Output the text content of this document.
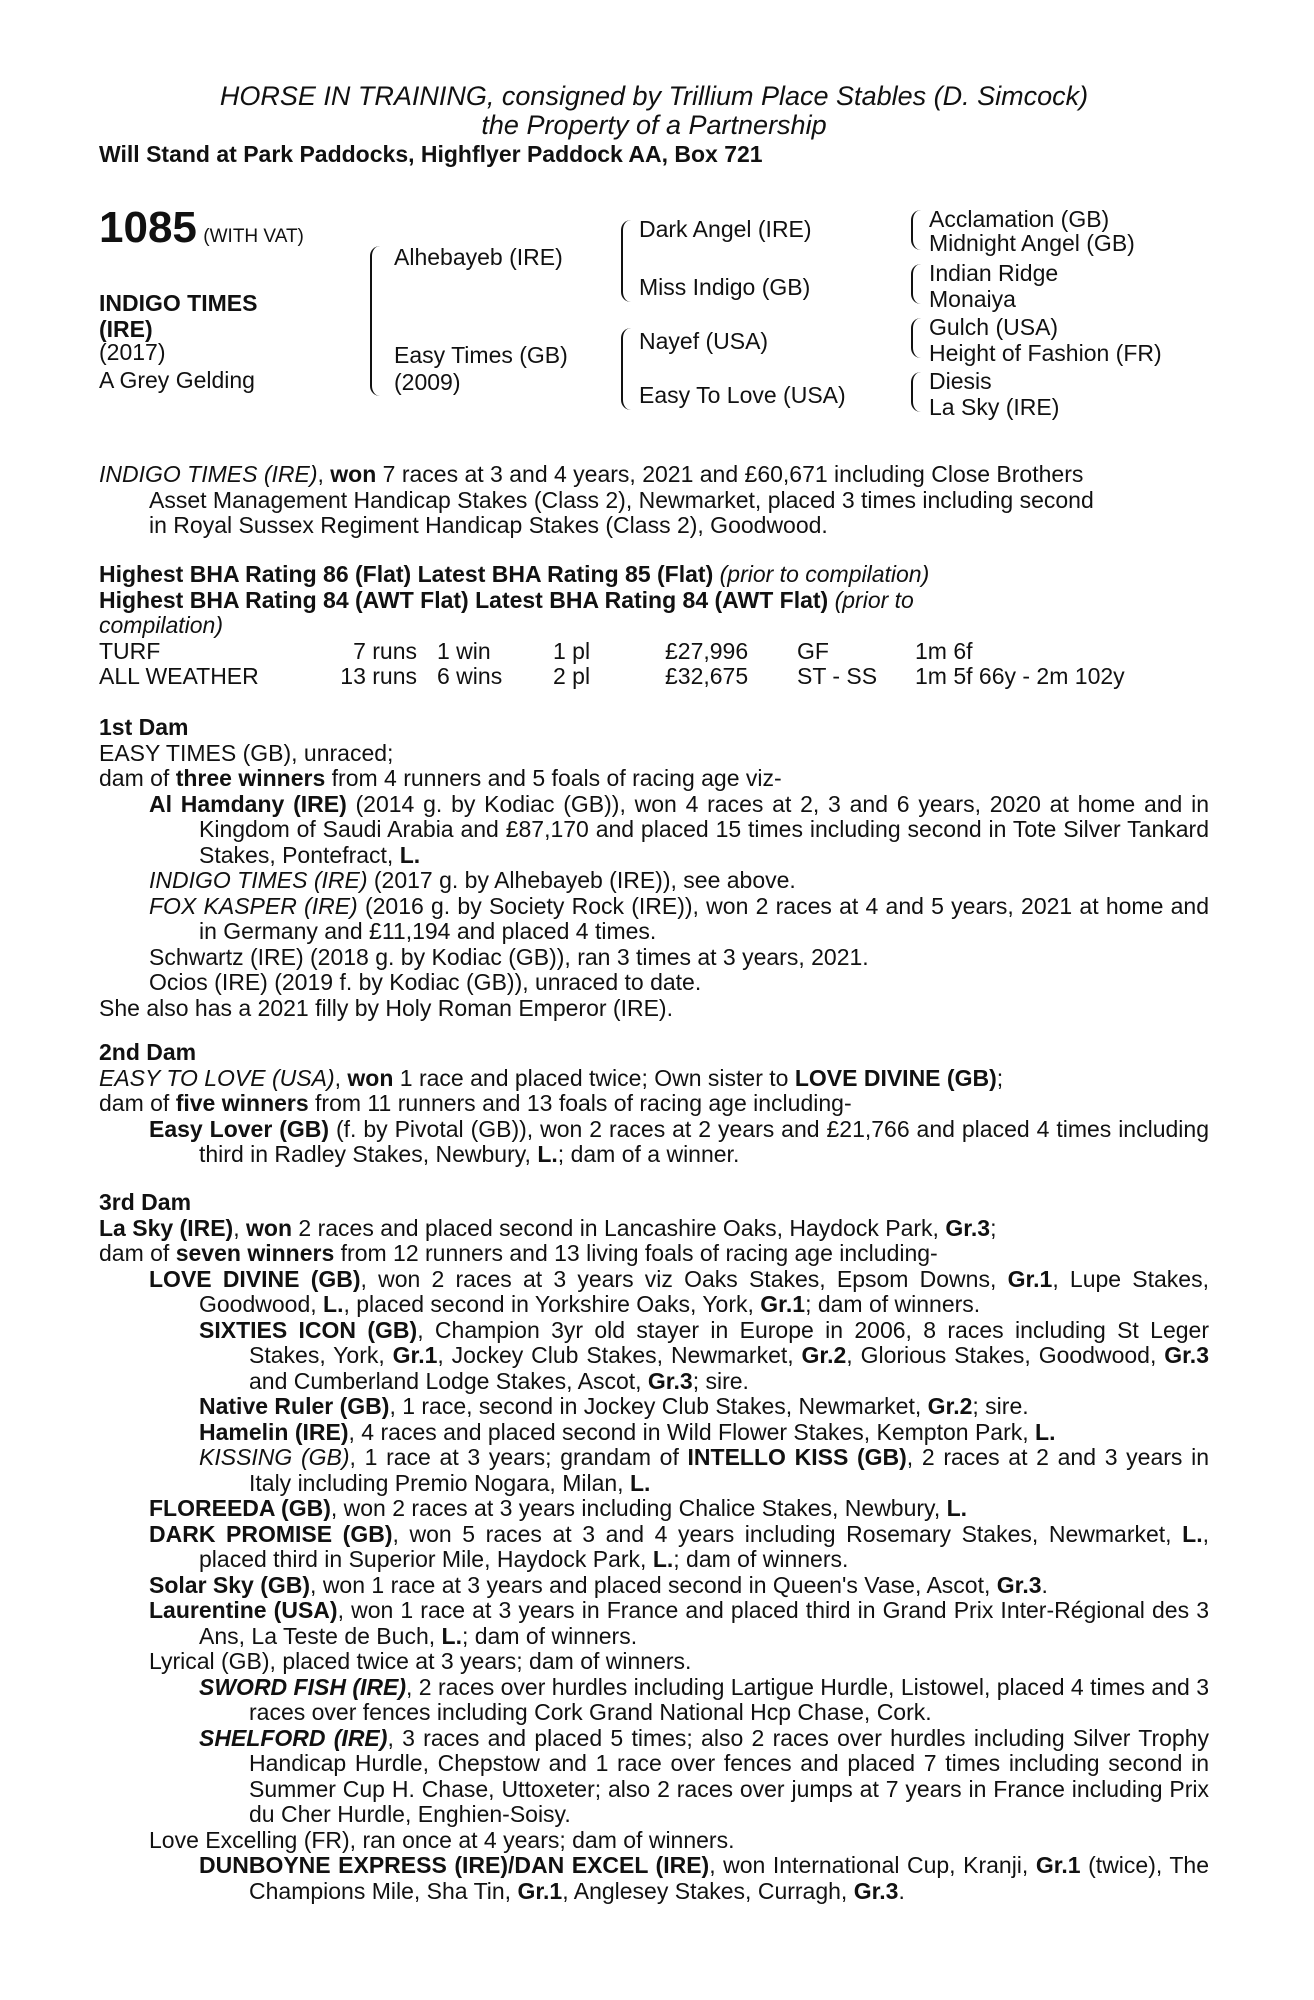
HORSE IN TRAINING, consigned by Trillium Place Stables (D. Simcock)
the Property of a Partnership
Will Stand at Park Paddocks, Highflyer Paddock AA, Box 721
1085 (WITH VAT)
INDIGO TIMES
(IRE)
(2017)
A Grey Gelding
Alhebayeb (IRE)
Easy Times (GB)
(2009)
Dark Angel (IRE)
Miss Indigo (GB)
Nayef (USA)
Easy To Love (USA)
Acclamation (GB)
Midnight Angel (GB)
Indian Ridge
Monaiya
Gulch (USA)
Height of Fashion (FR)
Diesis
La Sky (IRE)

INDIGO TIMES (IRE), won 7 races at 3 and 4 years, 2021 and £60,671 including Close Brothers

Asset Management Handicap Stakes (Class 2), Newmarket, placed 3 times including second

in Royal Sussex Regiment Handicap Stakes (Class 2), Goodwood.

Highest BHA Rating 86 (Flat) Latest BHA Rating 85 (Flat) (prior to compilation)

Highest BHA Rating 84 (AWT Flat) Latest BHA Rating 84 (AWT Flat) (prior to

compilation)

TURF	7 runs 1 win	1 pl	£27,996	GF	1m 6f
ALL WEATHER	13 runs 6 wins	2 pl	£32,675	ST - SS	1m 5f 66y - 2m 102y

1st Dam

EASY TIMES (GB), unraced;

dam of three winners from 4 runners and 5 foals of racing age viz-

Al Hamdany (IRE) (2014 g. by Kodiac (GB)), won 4 races at 2, 3 and 6 years, 2020 at home and in Kingdom of Saudi Arabia and £87,170 and placed 15 times including second in Tote Silver Tankard Stakes, Pontefract, L.

INDIGO TIMES (IRE) (2017 g. by Alhebayeb (IRE)), see above.

FOX KASPER (IRE) (2016 g. by Society Rock (IRE)), won 2 races at 4 and 5 years, 2021 at home and in Germany and £11,194 and placed 4 times.

Schwartz (IRE) (2018 g. by Kodiac (GB)), ran 3 times at 3 years, 2021.

Ocios (IRE) (2019 f. by Kodiac (GB)), unraced to date.

She also has a 2021 filly by Holy Roman Emperor (IRE).

2nd Dam

EASY TO LOVE (USA), won 1 race and placed twice; Own sister to LOVE DIVINE (GB);

dam of five winners from 11 runners and 13 foals of racing age including-

Easy Lover (GB) (f. by Pivotal (GB)), won 2 races at 2 years and £21,766 and placed 4 times including third in Radley Stakes, Newbury, L.; dam of a winner.

3rd Dam

La Sky (IRE), won 2 races and placed second in Lancashire Oaks, Haydock Park, Gr.3;

dam of seven winners from 12 runners and 13 living foals of racing age including-

LOVE DIVINE (GB), won 2 races at 3 years viz Oaks Stakes, Epsom Downs, Gr.1, Lupe Stakes, Goodwood, L., placed second in Yorkshire Oaks, York, Gr.1; dam of winners.

SIXTIES ICON (GB), Champion 3yr old stayer in Europe in 2006, 8 races including St Leger Stakes, York, Gr.1, Jockey Club Stakes, Newmarket, Gr.2, Glorious Stakes, Goodwood, Gr.3 and Cumberland Lodge Stakes, Ascot, Gr.3; sire.

Native Ruler (GB), 1 race, second in Jockey Club Stakes, Newmarket, Gr.2; sire.

Hamelin (IRE), 4 races and placed second in Wild Flower Stakes, Kempton Park, L.

KISSING (GB), 1 race at 3 years; grandam of INTELLO KISS (GB), 2 races at 2 and 3 years in Italy including Premio Nogara, Milan, L.

FLOREEDA (GB), won 2 races at 3 years including Chalice Stakes, Newbury, L.

DARK PROMISE (GB), won 5 races at 3 and 4 years including Rosemary Stakes, Newmarket, L., placed third in Superior Mile, Haydock Park, L.; dam of winners.

Solar Sky (GB), won 1 race at 3 years and placed second in Queen's Vase, Ascot, Gr.3.

Laurentine (USA), won 1 race at 3 years in France and placed third in Grand Prix Inter-Régional des 3 Ans, La Teste de Buch, L.; dam of winners.

Lyrical (GB), placed twice at 3 years; dam of winners.

SWORD FISH (IRE), 2 races over hurdles including Lartigue Hurdle, Listowel, placed 4 times and 3 races over fences including Cork Grand National Hcp Chase, Cork.

SHELFORD (IRE), 3 races and placed 5 times; also 2 races over hurdles including Silver Trophy Handicap Hurdle, Chepstow and 1 race over fences and placed 7 times including second in Summer Cup H. Chase, Uttoxeter; also 2 races over jumps at 7 years in France including Prix du Cher Hurdle, Enghien-Soisy.

Love Excelling (FR), ran once at 4 years; dam of winners.

DUNBOYNE EXPRESS (IRE)/DAN EXCEL (IRE), won International Cup, Kranji, Gr.1 (twice), The Champions Mile, Sha Tin, Gr.1, Anglesey Stakes, Curragh, Gr.3.
